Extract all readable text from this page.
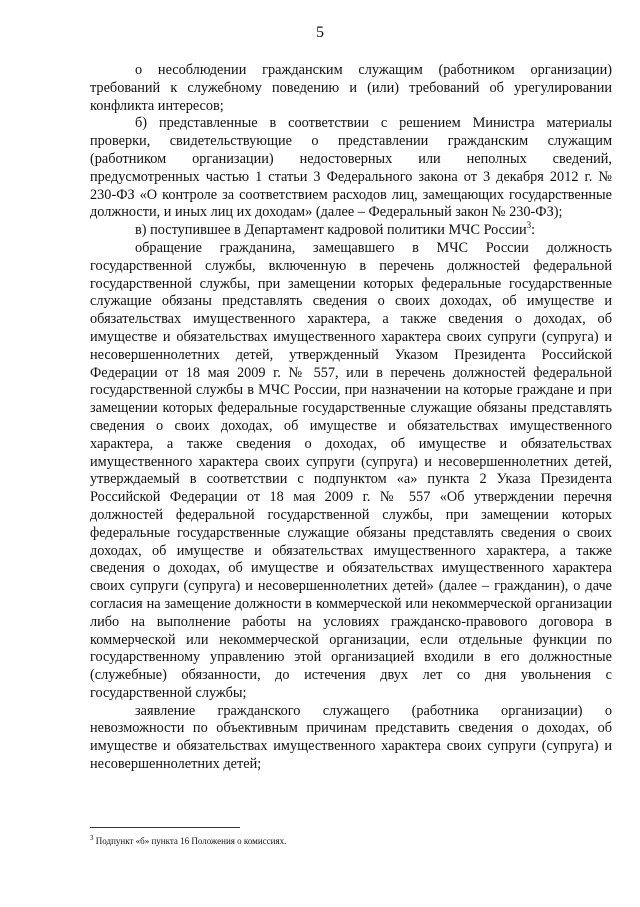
5

о несоблюдении гражданским служащим (работником организации) требований к служебному поведению и (или) требований об урегулировании конфликта интересов;

б) представленные в соответствии с решением Министра материалы проверки, свидетельствующие о представлении гражданским служащим (работником организации) недостоверных или неполных сведений, предусмотренных частью 1 статьи 3 Федерального закона от 3 декабря 2012 г. № 230-ФЗ «О контроле за соответствием расходов лиц, замещающих государственные должности, и иных лиц их доходам» (далее – Федеральный закон № 230-ФЗ);

в) поступившее в Департамент кадровой политики МЧС России$^3$:

обращение гражданина, замещавшего в МЧС России должность государственной службы, включенную в перечень должностей федеральной государственной службы, при замещении которых федеральные государственные служащие обязаны представлять сведения о своих доходах, об имуществе и обязательствах имущественного характера, а также сведения о доходах, об имуществе и обязательствах имущественного характера своих супруги (супруга) и несовершеннолетних детей, утвержденный Указом Президента Российской Федерации от 18 мая 2009 г. № 557, или в перечень должностей федеральной государственной службы в МЧС России, при назначении на которые граждане и при замещении которых федеральные государственные служащие обязаны представлять сведения о своих доходах, об имуществе и обязательствах имущественного характера, а также сведения о доходах, об имуществе и обязательствах имущественного характера своих супруги (супруга) и несовершеннолетних детей, утверждаемый в соответствии с подпунктом «а» пункта 2 Указа Президента Российской Федерации от 18 мая 2009 г. № 557 «Об утверждении перечня должностей федеральной государственной службы, при замещении которых федеральные государственные служащие обязаны представлять сведения о своих доходах, об имуществе и обязательствах имущественного характера, а также сведения о доходах, об имуществе и обязательствах имущественного характера своих супруги (супруга) и несовершеннолетних детей» (далее – гражданин), о даче согласия на замещение должности в коммерческой или некоммерческой организации либо на выполнение работы на условиях гражданско-правового договора в коммерческой или некоммерческой организации, если отдельные функции по государственному управлению этой организацией входили в его должностные (служебные) обязанности, до истечения двух лет со дня увольнения с государственной службы;

заявление гражданского служащего (работника организации) о невозможности по объективным причинам представить сведения о доходах, об имуществе и обязательствах имущественного характера своих супруги (супруга) и несовершеннолетних детей;

$^3$ Подпункт «б» пункта 16 Положения о комиссиях.
